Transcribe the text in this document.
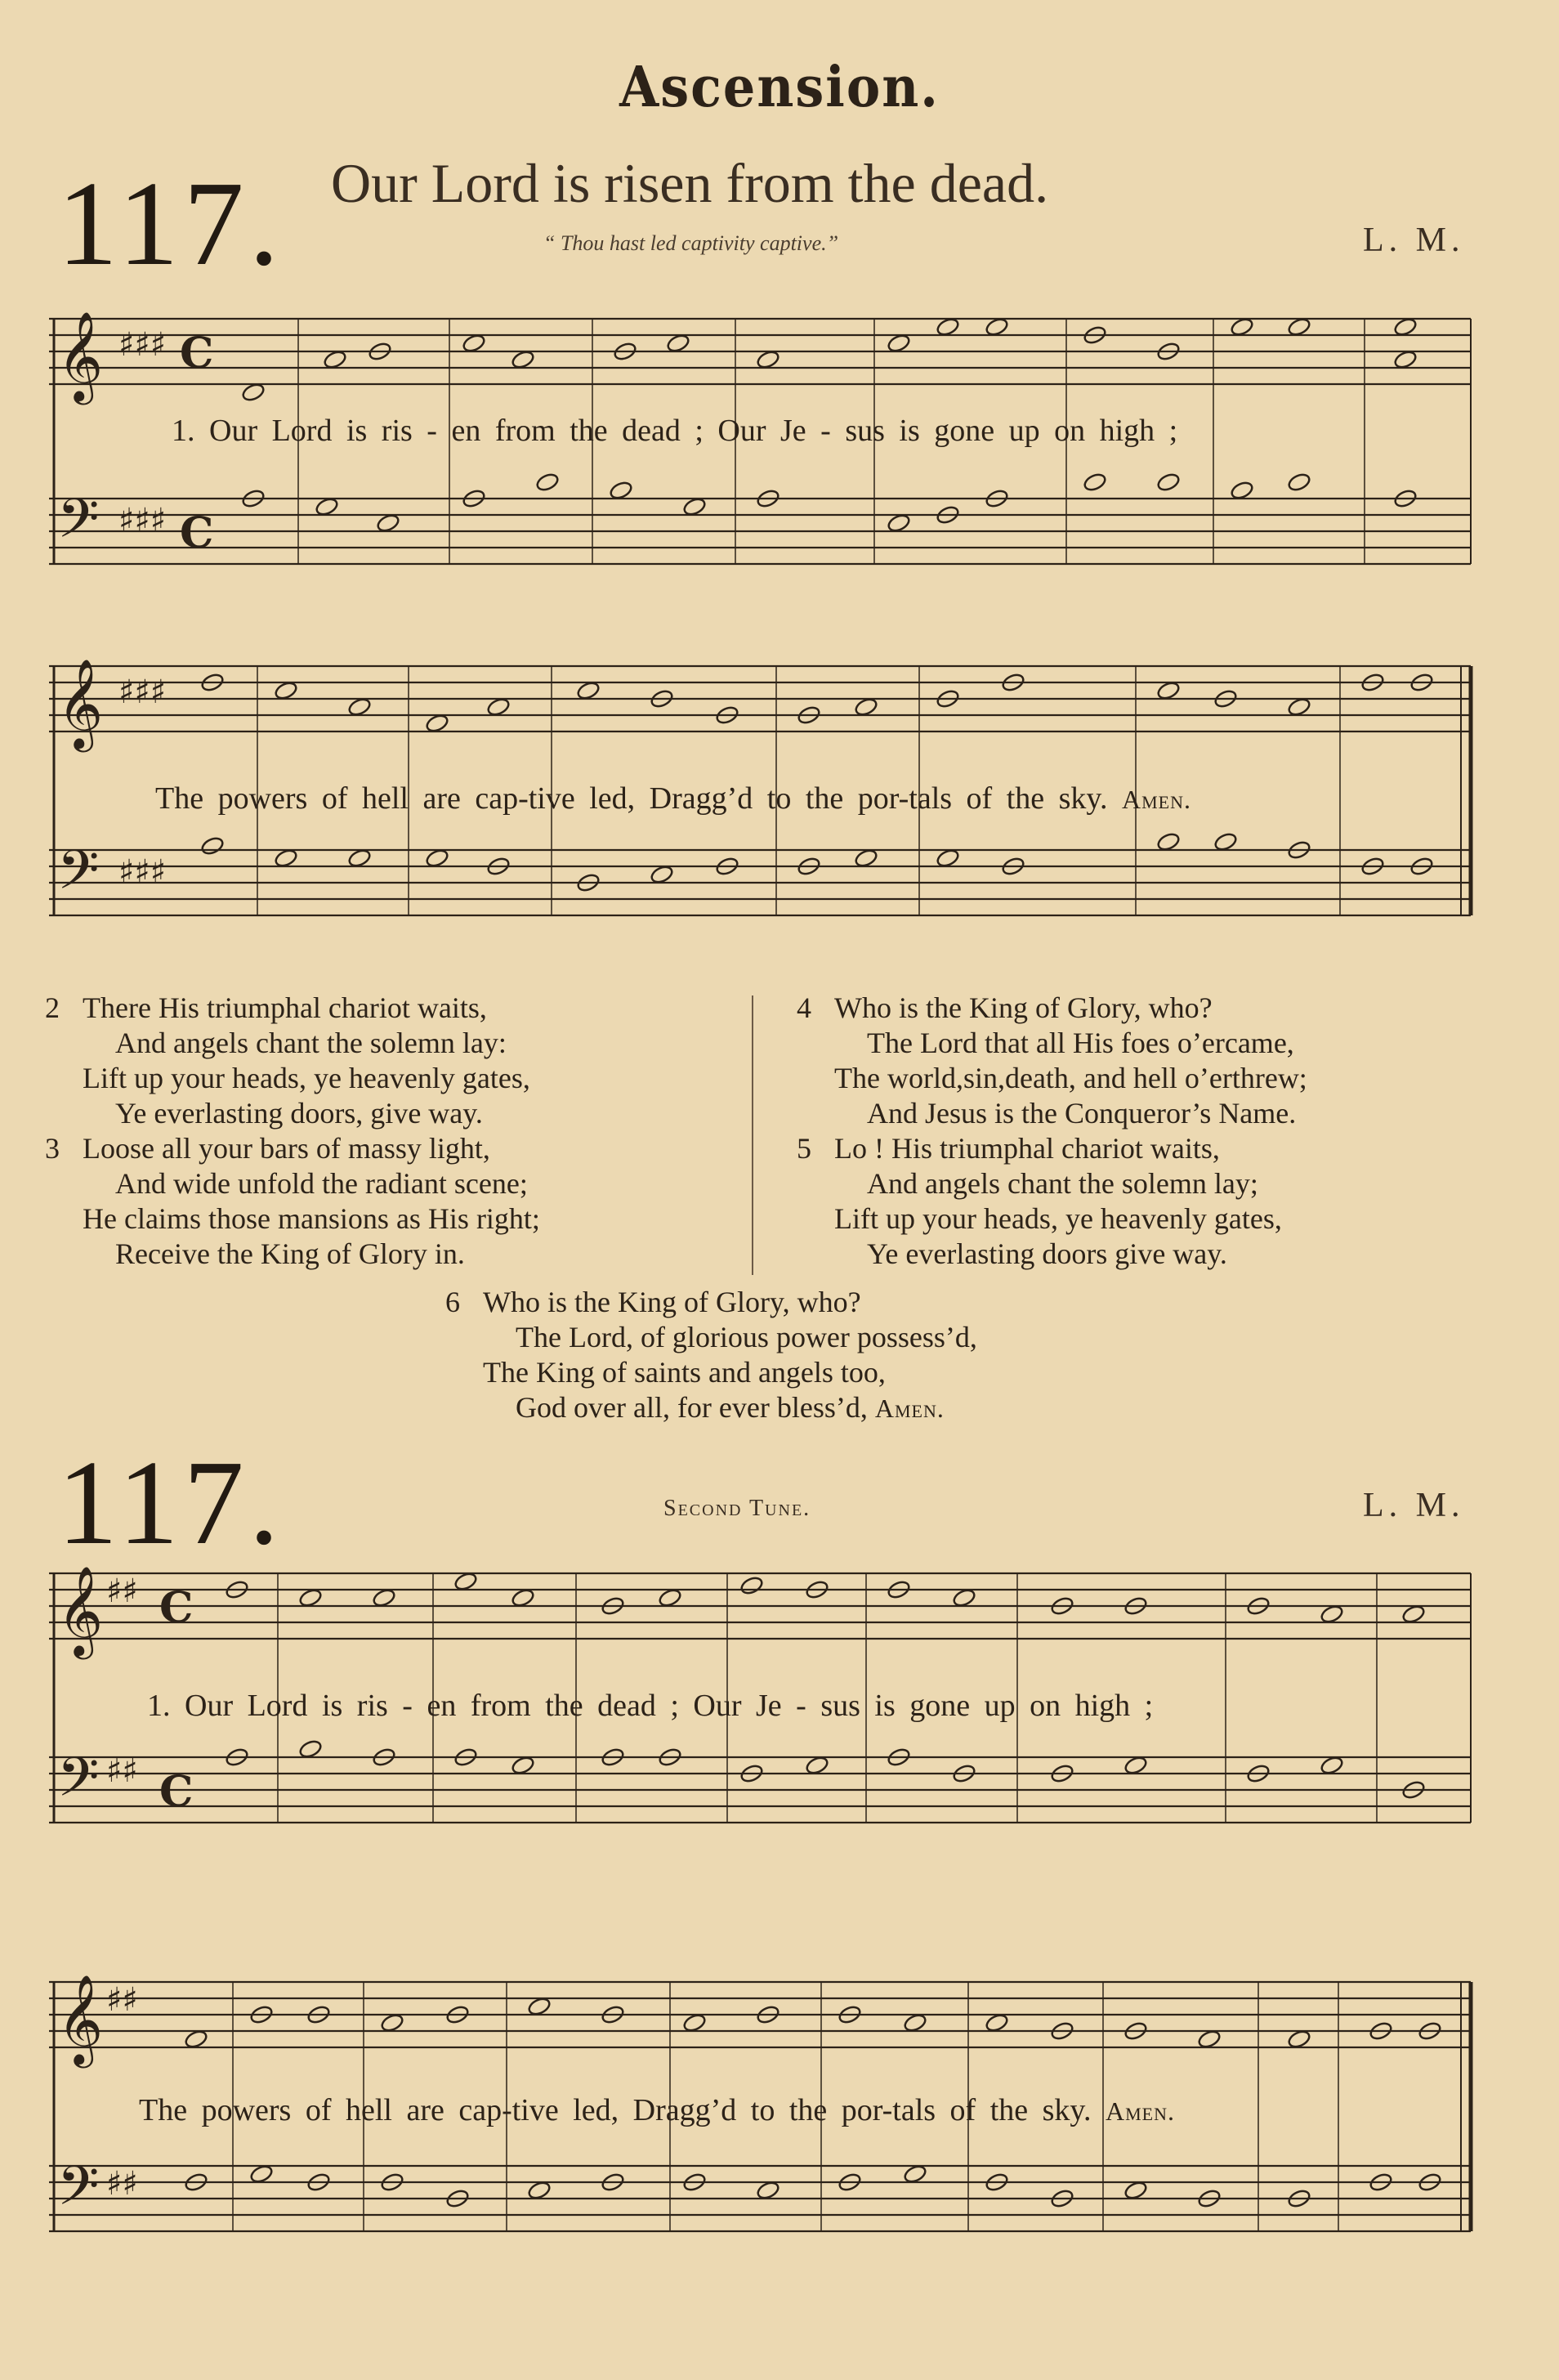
Ascension.
117. Our Lord is risen from the dead.
“ Thou hast led captivity captive.”	L. M.
𝄞
𝄢
♯♯♯
♯♯♯
C
C
1. Our Lord is ris - en from the dead ; Our Je - sus is gone up on high ;
𝄞
𝄢
♯♯♯
♯♯♯
The powers of hell are cap-tive led, Dragg’d to the por-tals of the sky. Amen.
2 There His triumphal chariot waits,
And angels chant the solemn lay:
Lift up your heads, ye heavenly gates,
Ye everlasting doors, give way.
3 Loose all your bars of massy light,
And wide unfold the radiant scene;
He claims those mansions as His right;
Receive the King of Glory in.
4 Who is the King of Glory, who?
The Lord that all His foes o’ercame,
The world,sin,death, and hell o’erthrew;
And Jesus is the Conqueror’s Name.
5 Lo ! His triumphal chariot waits,
And angels chant the solemn lay;
Lift up your heads, ye heavenly gates,
Ye everlasting doors give way.
6 Who is the King of Glory, who?
The Lord, of glorious power possess’d,
The King of saints and angels too,
God over all, for ever bless’d, Amen.
117.	Second Tune.	L. M.
𝄞
𝄢
♯♯
♯♯
C
C
1. Our Lord is ris - en from the dead ; Our Je - sus is gone up on high ;
𝄞
𝄢
♯♯
♯♯
The powers of hell are cap-tive led, Dragg’d to the por-tals of the sky. Amen.
